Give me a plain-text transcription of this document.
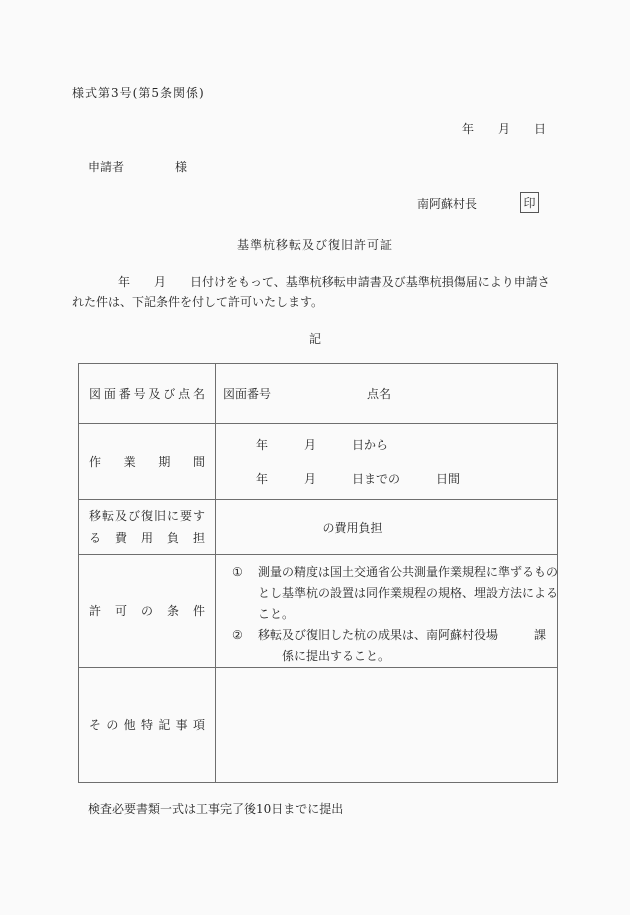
様式第3号(第5条関係)
年　　月　　日
申請者	様
南阿蘇村長	印
基準杭移転及び復旧許可証
年　　月　　日付けをもって、基準杭移転申請書及び基準杭損傷届により申請された件は、下記条件を付して許可いたします。
記
図面番号及び点名	図面番号　　　　　　　　点名
作業期間	年　　　月　　　日から
年　　　月　　　日までの　　　日間

移転及び復旧に要する費用負担	の費用負担
許可の条件	① 測量の精度は国土交通省公共測量作業規程に準ずるものとし基準杭の設置は同作業規程の規格、埋設方法によること。
② 移転及び復旧した杭の成果は、南阿蘇村役場　　　課
　　係に提出すること。

その他特記事項	
検査必要書類一式は工事完了後10日までに提出
